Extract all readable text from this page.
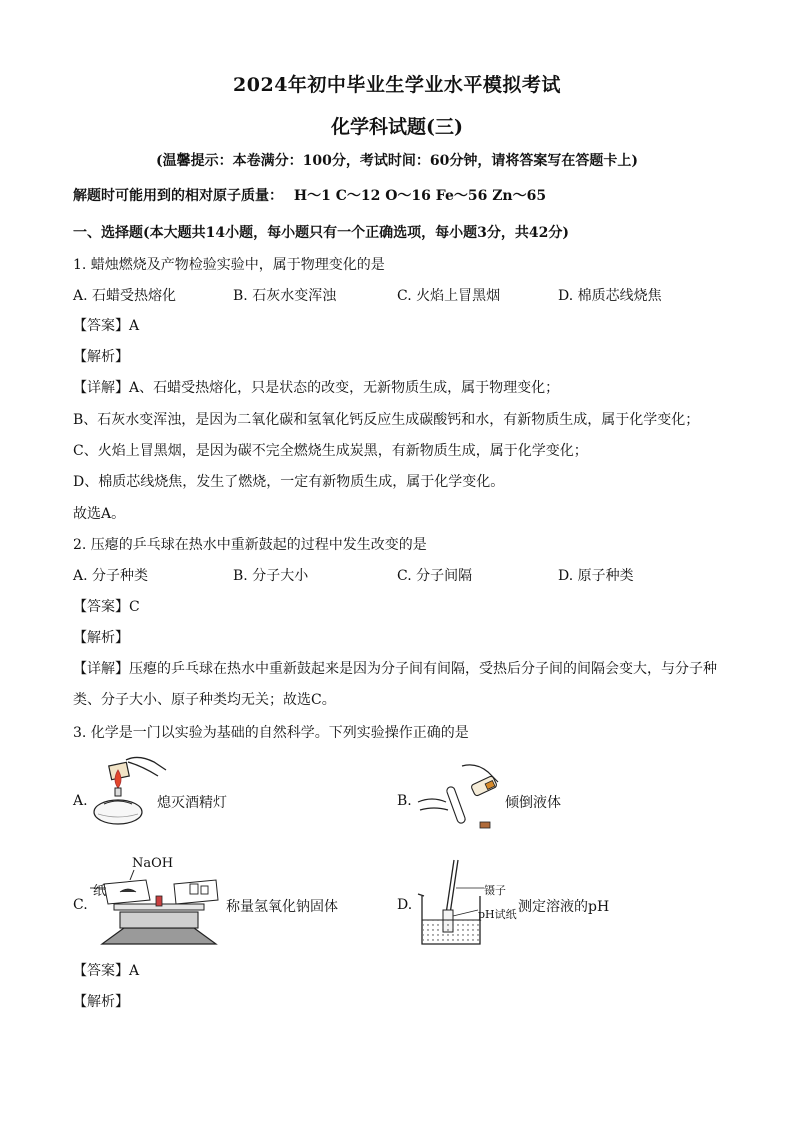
2024年初中毕业生学业水平模拟考试
化学科试题(三)
(温馨提示：本卷满分：100分，考试时间：60分钟，请将答案写在答题卡上)
解题时可能用到的相对原子质量： H～1 C～12 O～16 Fe～56 Zn～65
一、选择题(本大题共14小题，每小题只有一个正确选项，每小题3分，共42分)
1. 蜡烛燃烧及产物检验实验中，属于物理变化的是
A. 石蜡受热熔化	B. 石灰水变浑浊	C. 火焰上冒黑烟	D. 棉质芯线烧焦
【答案】A
【解析】
【详解】A、石蜡受热熔化，只是状态的改变，无新物质生成，属于物理变化；
B、石灰水变浑浊，是因为二氧化碳和氢氧化钙反应生成碳酸钙和水，有新物质生成，属于化学变化；
C、火焰上冒黑烟，是因为碳不完全燃烧生成炭黑，有新物质生成，属于化学变化；
D、棉质芯线烧焦，发生了燃烧，一定有新物质生成，属于化学变化。
故选A。
2. 压瘪的乒乓球在热水中重新鼓起的过程中发生改变的是
A. 分子种类	B. 分子大小	C. 分子间隔	D. 原子种类
【答案】C
【解析】
【详解】压瘪的乒乓球在热水中重新鼓起来是因为分子间有间隔，受热后分子间的间隔会变大，与分子种
类、分子大小、原子种类均无关；故选C。
3. 化学是一门以实验为基础的自然科学。下列实验操作正确的是
A.	熄灭酒精灯	B.	倾倒液体
C.
NaOH
纸
称量氢氧化钠固体	D.
镊子
pH试纸 测定溶液的pH
【答案】A
【解析】
